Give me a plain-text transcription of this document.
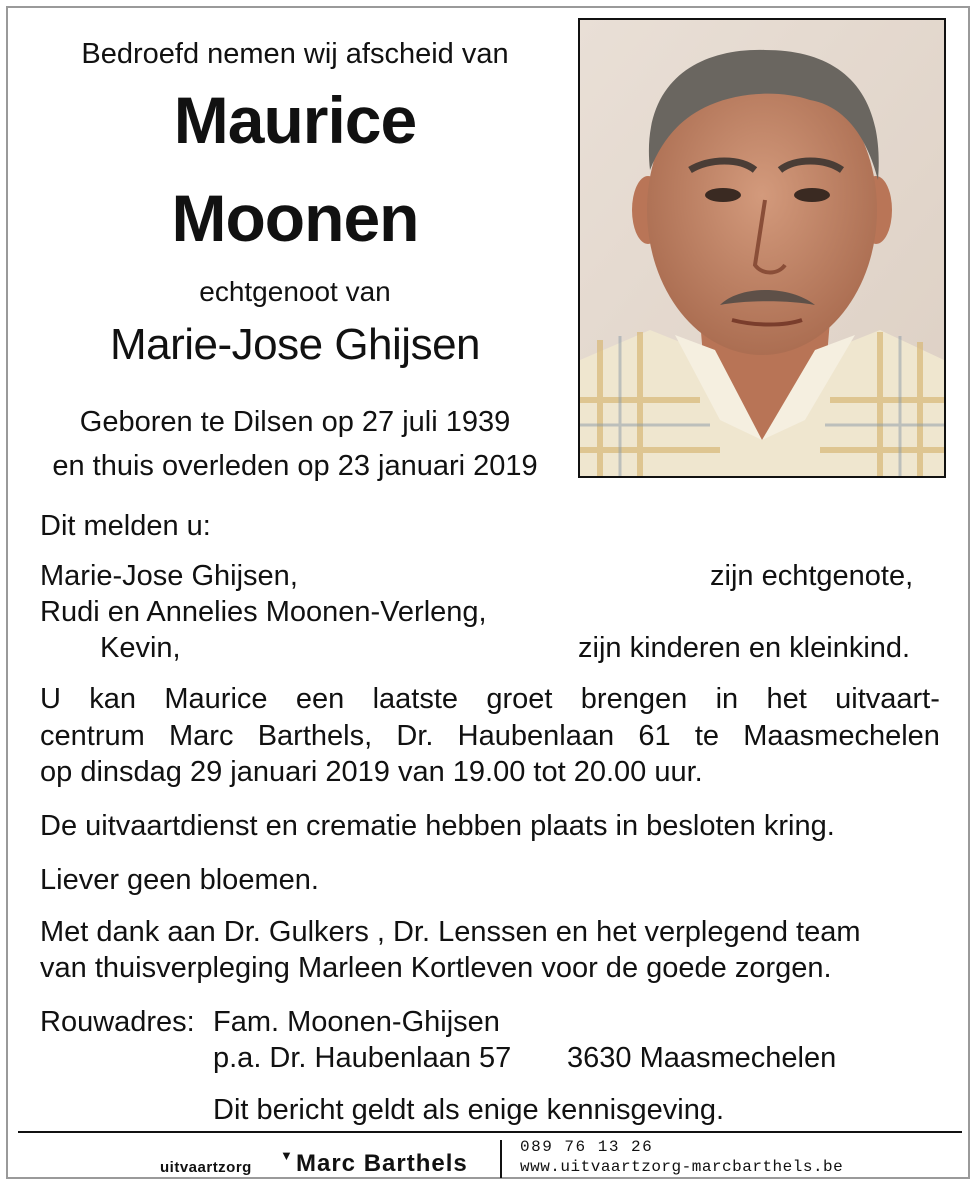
Bedroefd nemen wij afscheid van
Maurice
Moonen
echtgenoot van
Marie-Jose Ghijsen
Geboren te Dilsen op 27 juli 1939
en thuis overleden op 23 januari 2019
Dit melden u:
Marie-Jose Ghijsen,	zijn echtgenote,
Rudi en Annelies Moonen-Verleng,
Kevin,	zijn kinderen en kleinkind.
U kan Maurice een laatste groet brengen in het uitvaart-
centrum Marc Barthels, Dr. Haubenlaan 61 te Maasmechelen
op dinsdag 29 januari 2019 van 19.00 tot 20.00 uur.
De uitvaartdienst en crematie hebben plaats in besloten kring.
Liever geen bloemen.
Met dank aan Dr. Gulkers , Dr. Lenssen en het verplegend team
van thuisverpleging Marleen Kortleven voor de goede zorgen.
Rouwadres: Fam. Moonen-Ghijsen
p.a. Dr. Haubenlaan 57 3630 Maasmechelen
Dit bericht geldt als enige kennisgeving.
uitvaartzorg
▼ Marc Barthels
089 76 13 26
www.uitvaartzorg-marcbarthels.be
